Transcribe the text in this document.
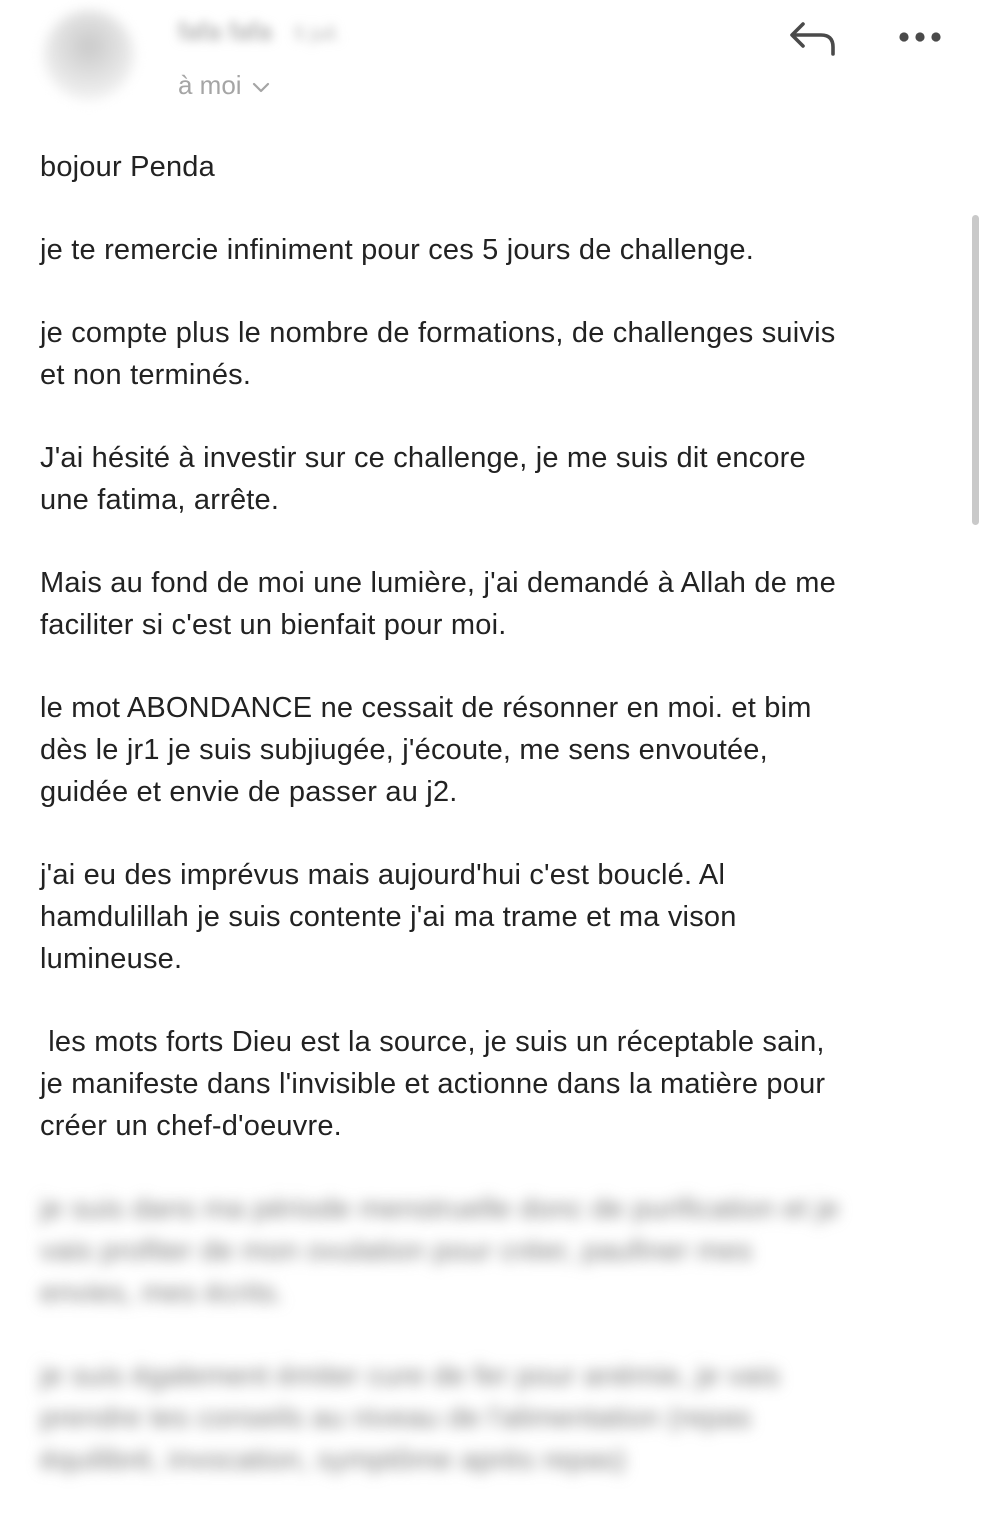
fafa fafa 5 juil.
à moi

bojour Penda

je te remercie infiniment pour ces 5 jours de challenge.

je compte plus le nombre de formations, de challenges suivis
et non terminés.

J'ai hésité à investir sur ce challenge, je me suis dit encore
une fatima, arrête.

Mais au fond de moi une lumière, j'ai demandé à Allah de me
faciliter si c'est un bienfait pour moi.

le mot ABONDANCE ne cessait de résonner en moi. et bim
dès le jr1 je suis subjiugée, j'écoute, me sens envoutée,
guidée et envie de passer au j2.

j'ai eu des imprévus mais aujourd'hui c'est bouclé. Al
hamdulillah je suis contente j'ai ma trame et ma vison
lumineuse.

les mots forts Dieu est la source, je suis un réceptable sain,
je manifeste dans l'invisible et actionne dans la matière pour
créer un chef-d'oeuvre.

je suis dans ma période menstruelle donc de purification et je
vais profiter de mon ovulation pour créer, paufiner mes
envies, mes écrits.

je suis également émiter cure de fer pour anémie, je vais
prendre tes conseils au niveau de l'alimentation (repas
équilibré, invocation, symptôme après repas)
